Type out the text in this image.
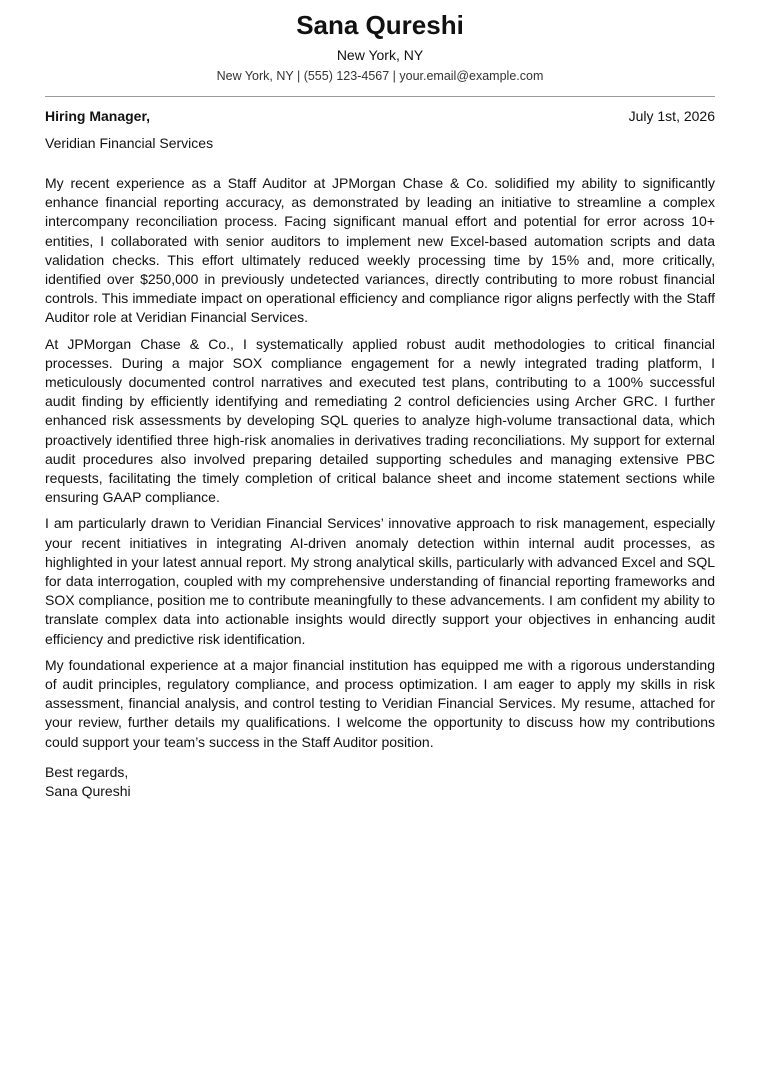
Sana Qureshi
New York, NY
New York, NY | (555) 123-4567 | your.email@example.com
Hiring Manager,	July 1st, 2026
Veridian Financial Services

My recent experience as a Staff Auditor at JPMorgan Chase & Co. solidified my ability to significantly enhance financial reporting accuracy, as demonstrated by leading an initiative to streamline a complex intercompany reconciliation process. Facing significant manual effort and potential for error across 10+ entities, I collaborated with senior auditors to implement new Excel-based automation scripts and data validation checks. This effort ultimately reduced weekly processing time by 15% and, more critically, identified over $250,000 in previously undetected variances, directly contributing to more robust financial controls. This immediate impact on operational efficiency and compliance rigor aligns perfectly with the Staff Auditor role at Veridian Financial Services.

At JPMorgan Chase & Co., I systematically applied robust audit methodologies to critical financial processes. During a major SOX compliance engagement for a newly integrated trading platform, I meticulously documented control narratives and executed test plans, contributing to a 100% successful audit finding by efficiently identifying and remediating 2 control deficiencies using Archer GRC. I further enhanced risk assessments by developing SQL queries to analyze high-volume transactional data, which proactively identified three high-risk anomalies in derivatives trading reconciliations. My support for external audit procedures also involved preparing detailed supporting schedules and managing extensive PBC requests, facilitating the timely completion of critical balance sheet and income statement sections while ensuring GAAP compliance.

I am particularly drawn to Veridian Financial Services’ innovative approach to risk management, especially your recent initiatives in integrating AI-driven anomaly detection within internal audit processes, as highlighted in your latest annual report. My strong analytical skills, particularly with advanced Excel and SQL for data interrogation, coupled with my comprehensive understanding of financial reporting frameworks and SOX compliance, position me to contribute meaningfully to these advancements. I am confident my ability to translate complex data into actionable insights would directly support your objectives in enhancing audit efficiency and predictive risk identification.

My foundational experience at a major financial institution has equipped me with a rigorous understanding of audit principles, regulatory compliance, and process optimization. I am eager to apply my skills in risk assessment, financial analysis, and control testing to Veridian Financial Services. My resume, attached for your review, further details my qualifications. I welcome the opportunity to discuss how my contributions could support your team’s success in the Staff Auditor position.

Best regards,
Sana Qureshi
